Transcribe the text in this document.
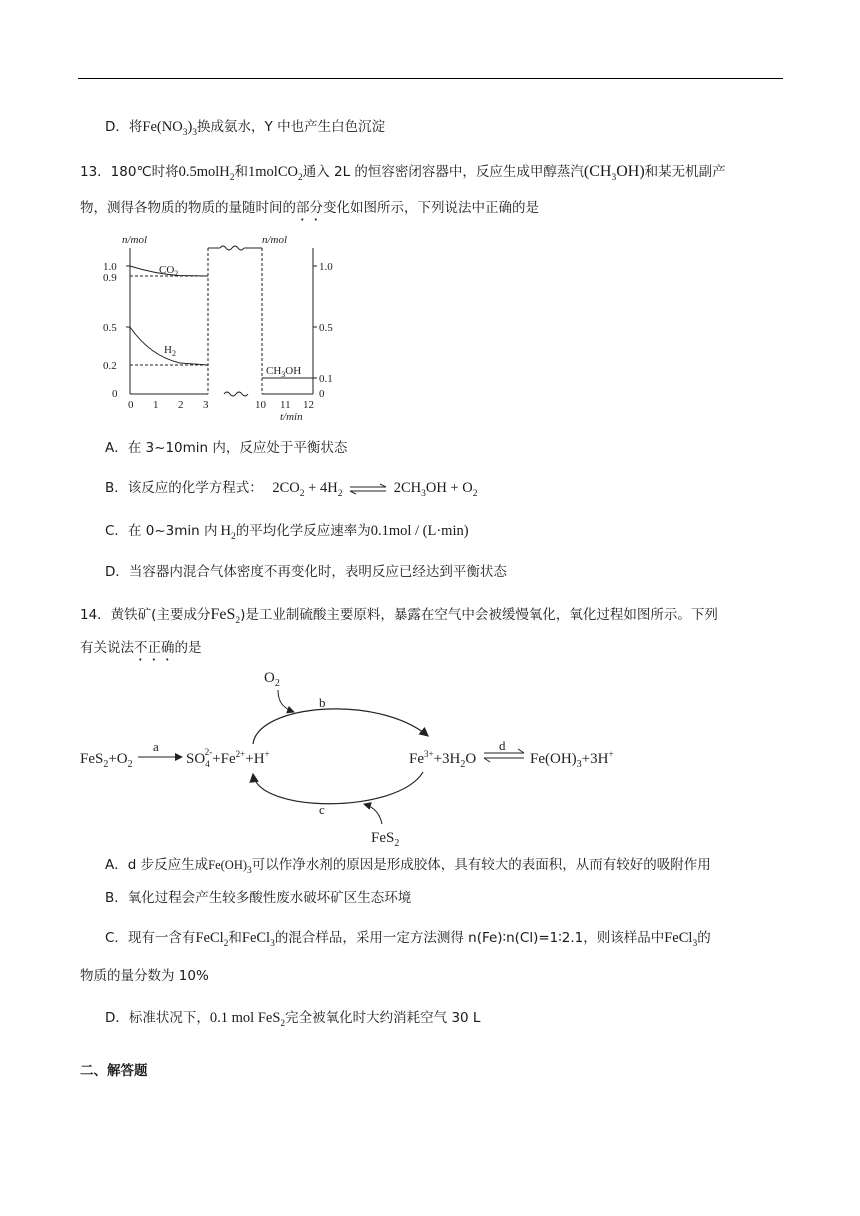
D．将$Fe(NO_3)_3$换成氨水，Y 中也产生白色沉淀
13．180℃时将0.5molH$_2$和1molCO$_2$通入 2L 的恒容密闭容器中，反应生成甲醇蒸汽$(CH_3OH)$和某无机副产
物，测得各物质的物质的量随时间的部分变化如图所示，下列说法中正确的是
n/mol	n/mol
1.0
0.9
0.5
0.2
0
1.0
0.5
0.1
0
0 1 2 3	10 11 12
t/min
$CO_2$
$H_2$
$CH_3OH$
A．在 3~10min 内，反应处于平衡状态
B．该反应的化学方程式： $2CO_2 + 4H_2$ ⇌ $2CH_3OH + O_2$
C．在 0~3min 内 $H_2$的平均化学反应速率为0.1mol / (L·min)
D．当容器内混合气体密度不再变化时，表明反应已经达到平衡状态
14．黄铁矿(主要成分FeS$_2$)是工业制硫酸主要原料，暴露在空气中会被缓慢氧化，氧化过程如图所示。下列
有关说法不正确的是
$FeS_2+O_2$
a
$SO_42-+Fe^{2+}+H^+$
b
c
$O_2$
FeS$_2$
$Fe^{3+}+3H_2O$
d
$Fe(OH)_3+3H^+$
A．d 步反应生成$Fe(OH)_3$可以作净水剂的原因是形成胶体，具有较大的表面积，从而有较好的吸附作用
B．氧化过程会产生较多酸性废水破坏矿区生态环境
C．现有一含有FeCl$_2$和FeCl$_3$的混合样品，采用一定方法测得 n(Fe)∶n(Cl)=1∶2.1，则该样品中FeCl$_3$的
物质的量分数为 10%
D．标准状况下，0.1 mol FeS$_2$完全被氧化时大约消耗空气 30 L
二、解答题
